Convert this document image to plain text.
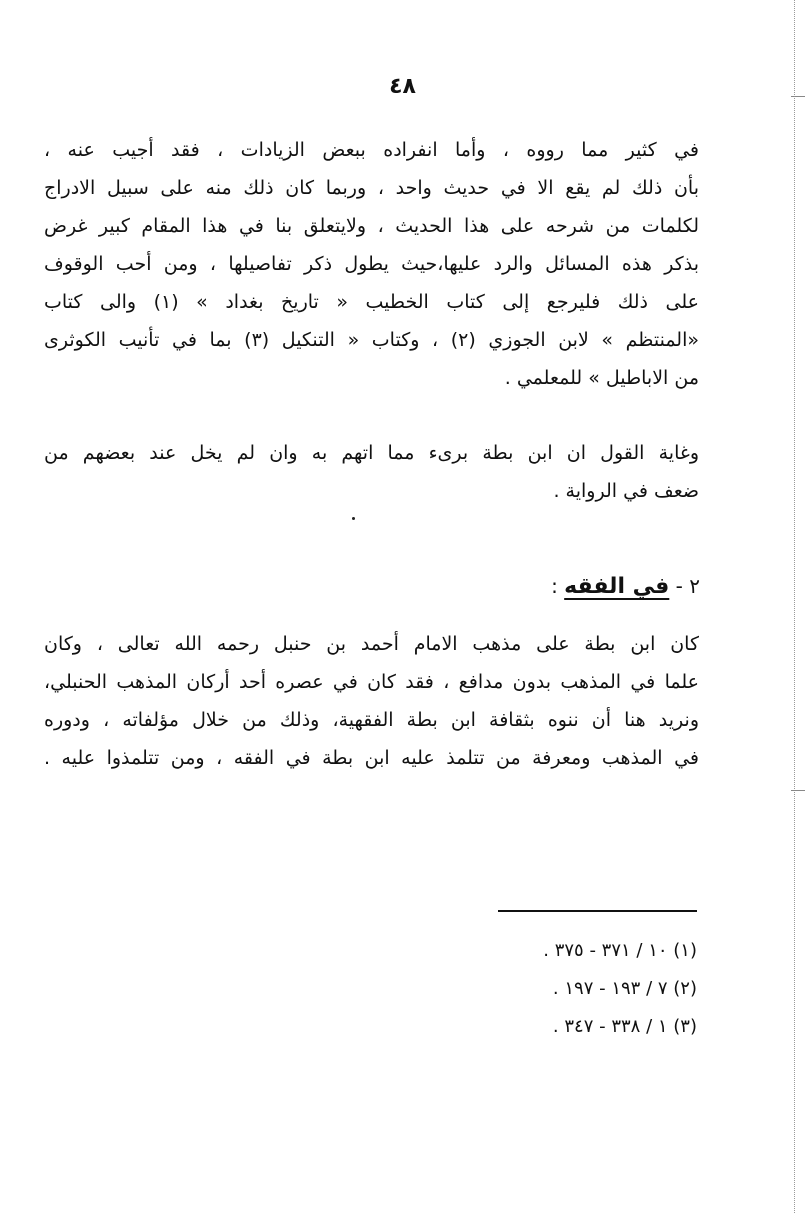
٤٨
في كثير مما رووه ، وأما انفراده ببعض الزيادات ، فقد أجيب عنه ،
بأن ذلك لم يقع الا في حديث واحد ، وربما كان ذلك منه على سبيل الادراج
لكلمات من شرحه على هذا الحديث ، ولايتعلق بنا في هذا المقام كبير غرض
بذكر هذه المسائل والرد عليها،حيث يطول ذكر تفاصيلها ، ومن أحب الوقوف
على ذلك فليرجع إلى كتاب الخطيب « تاريخ بغداد » (١) والى كتاب
«المنتظم » لابن الجوزي (٢) ، وكتاب « التنكيل (٣) بما في تأنيب الكوثرى
من الاباطيل » للمعلمي .
وغاية القول ان ابن بطة برىء مما اتهم به وان لم يخل عند بعضهم من
ضعف في الرواية .
٢ - في الفقه :
كان ابن بطة على مذهب الامام أحمد بن حنبل رحمه الله تعالى ، وكان
علما في المذهب بدون مدافع ، فقد كان في عصره أحد أركان المذهب الحنبلي،
ونريد هنا أن ننوه بثقافة ابن بطة الفقهية، وذلك من خلال مؤلفاته ، ودوره
في المذهب ومعرفة من تتلمذ عليه ابن بطة في الفقه ، ومن تتلمذوا عليه .
(١) ١٠ / ٣٧١ - ٣٧٥ .
(٢) ٧ / ١٩٣ - ١٩٧ .
(٣) ١ / ٣٣٨ - ٣٤٧ .
